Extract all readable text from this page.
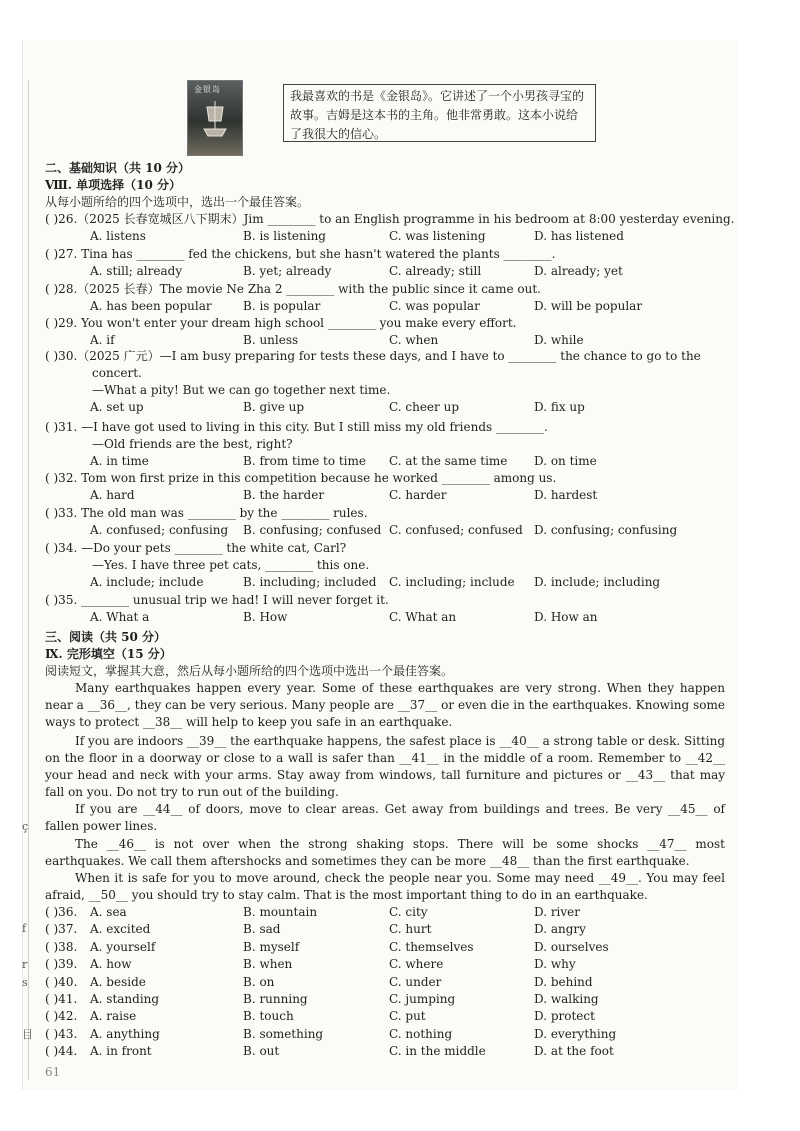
金银岛	我最喜欢的书是《金银岛》。它讲述了一个小男孩寻宝的故事。吉姆是这本书的主角。他非常勇敢。这本小说给了我很大的信心。
二、基础知识（共 10 分）
Ⅷ. 单项选择（10 分）
从每小题所给的四个选项中，选出一个最佳答案。
( )26.（2025 长春宽城区八下期末）Jim ________ to an English programme in his bedroom at 8:00 yesterday evening.
A. listens	B. is listening	C. was listening	D. has listened
( )27. Tina has ________ fed the chickens, but she hasn't watered the plants ________.
A. still; already	B. yet; already	C. already; still	D. already; yet
( )28.（2025 长春）The movie Ne Zha 2 ________ with the public since it came out.
A. has been popular	B. is popular	C. was popular	D. will be popular
( )29. You won't enter your dream high school ________ you make every effort.
A. if	B. unless	C. when	D. while
( )30.（2025 广元）—I am busy preparing for tests these days, and I have to ________ the chance to go to the
concert.
—What a pity! But we can go together next time.
A. set up	B. give up	C. cheer up	D. fix up
( )31. —I have got used to living in this city. But I still miss my old friends ________.
—Old friends are the best, right?
A. in time	B. from time to time C. at the same time D. on time
( )32. Tom won first prize in this competition because he worked ________ among us.
A. hard	B. the harder	C. harder	D. hardest
( )33. The old man was ________ by the ________ rules.
A. confused; confusing B. confusing; confused C. confused; confused D. confusing; confusing
( )34. —Do your pets ________ the white cat, Carl?
—Yes. I have three pet cats, ________ this one.
A. include; include	B. including; included C. including; include D. include; including
( )35. ________ unusual trip we had! I will never forget it.
A. What a	B. How	C. What an	D. How an
三、阅读（共 50 分）
Ⅸ. 完形填空（15 分）
阅读短文，掌握其大意，然后从每小题所给的四个选项中选出一个最佳答案。
Many earthquakes happen every year. Some of these earthquakes are very strong. When they happen near a __36__, they can be very serious. Many people are __37__ or even die in the earthquakes. Knowing some ways to protect __38__ will help to keep you safe in an earthquake.
If you are indoors __39__ the earthquake happens, the safest place is __40__ a strong table or desk. Sitting on the floor in a doorway or close to a wall is safer than __41__ in the middle of a room. Remember to __42__ your head and neck with your arms. Stay away from windows, tall furniture and pictures or __43__ that may fall on you. Do not try to run out of the building.
If you are __44__ of doors, move to clear areas. Get away from buildings and trees. Be very __45__ of fallen power lines.
The __46__ is not over when the strong shaking stops. There will be some shocks __47__ most earthquakes. We call them aftershocks and sometimes they can be more __48__ than the first earthquake.
When it is safe for you to move around, check the people near you. Some may need __49__. You may feel afraid, __50__ you should try to stay calm. That is the most important thing to do in an earthquake.
( )36. A. sea	B. mountain	C. city	D. river
( )37. A. excited	B. sad	C. hurt	D. angry
( )38. A. yourself	B. myself	C. themselves	D. ourselves
( )39. A. how	B. when	C. where	D. why
( )40. A. beside	B. on	C. under	D. behind
( )41. A. standing	B. running	C. jumping	D. walking
( )42. A. raise	B. touch	C. put	D. protect
( )43. A. anything	B. something	C. nothing	D. everything
( )44. A. in front	B. out	C. in the middle	D. at the foot
ç
f
r
s
目
61
